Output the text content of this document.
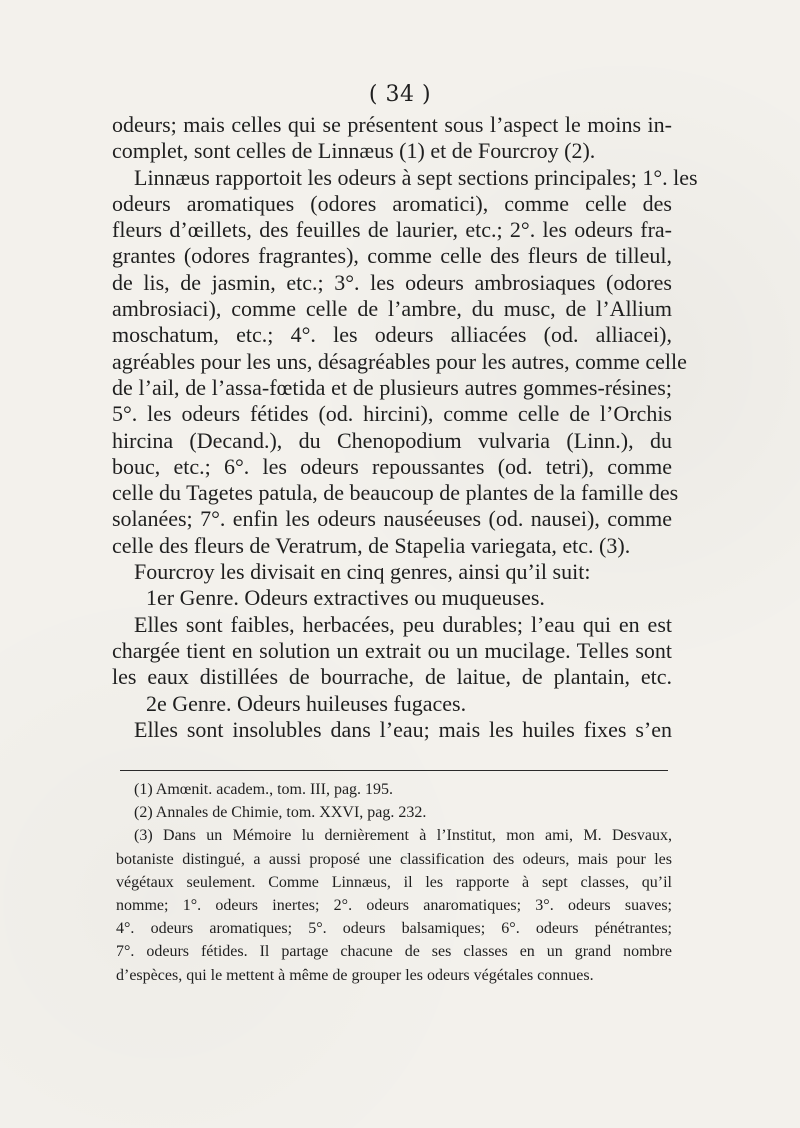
( 34 )
odeurs; mais celles qui se présentent sous l’aspect le moins in-
complet, sont celles de Linnæus (1) et de Fourcroy (2).
Linnæus rapportoit les odeurs à sept sections principales; 1°. les
odeurs aromatiques (odores aromatici), comme celle des
fleurs d’œillets, des feuilles de laurier, etc.; 2°. les odeurs fra-
grantes (odores fragrantes), comme celle des fleurs de tilleul,
de lis, de jasmin, etc.; 3°. les odeurs ambrosiaques (odores
ambrosiaci), comme celle de l’ambre, du musc, de l’Allium
moschatum, etc.; 4°. les odeurs alliacées (od. alliacei),
agréables pour les uns, désagréables pour les autres, comme celle
de l’ail, de l’assa-fœtida et de plusieurs autres gommes-résines;
5°. les odeurs fétides (od. hircini), comme celle de l’Orchis
hircina (Decand.), du Chenopodium vulvaria (Linn.), du
bouc, etc.; 6°. les odeurs repoussantes (od. tetri), comme
celle du Tagetes patula, de beaucoup de plantes de la famille des
solanées; 7°. enfin les odeurs nauséeuses (od. nausei), comme
celle des fleurs de Veratrum, de Stapelia variegata, etc. (3).
Fourcroy les divisait en cinq genres, ainsi qu’il suit:
1er Genre. Odeurs extractives ou muqueuses.
Elles sont faibles, herbacées, peu durables; l’eau qui en est
chargée tient en solution un extrait ou un mucilage. Telles sont
les eaux distillées de bourrache, de laitue, de plantain, etc.
2e Genre. Odeurs huileuses fugaces.
Elles sont insolubles dans l’eau; mais les huiles fixes s’en
(1) Amœnit. academ., tom. III, pag. 195.
(2) Annales de Chimie, tom. XXVI, pag. 232.
(3) Dans un Mémoire lu dernièrement à l’Institut, mon ami, M. Desvaux,
botaniste distingué, a aussi proposé une classification des odeurs, mais pour les
végétaux seulement. Comme Linnæus, il les rapporte à sept classes, qu’il
nomme; 1°. odeurs inertes; 2°. odeurs anaromatiques; 3°. odeurs suaves;
4°. odeurs aromatiques; 5°. odeurs balsamiques; 6°. odeurs pénétrantes;
7°. odeurs fétides. Il partage chacune de ses classes en un grand nombre
d’espèces, qui le mettent à même de grouper les odeurs végétales connues.
